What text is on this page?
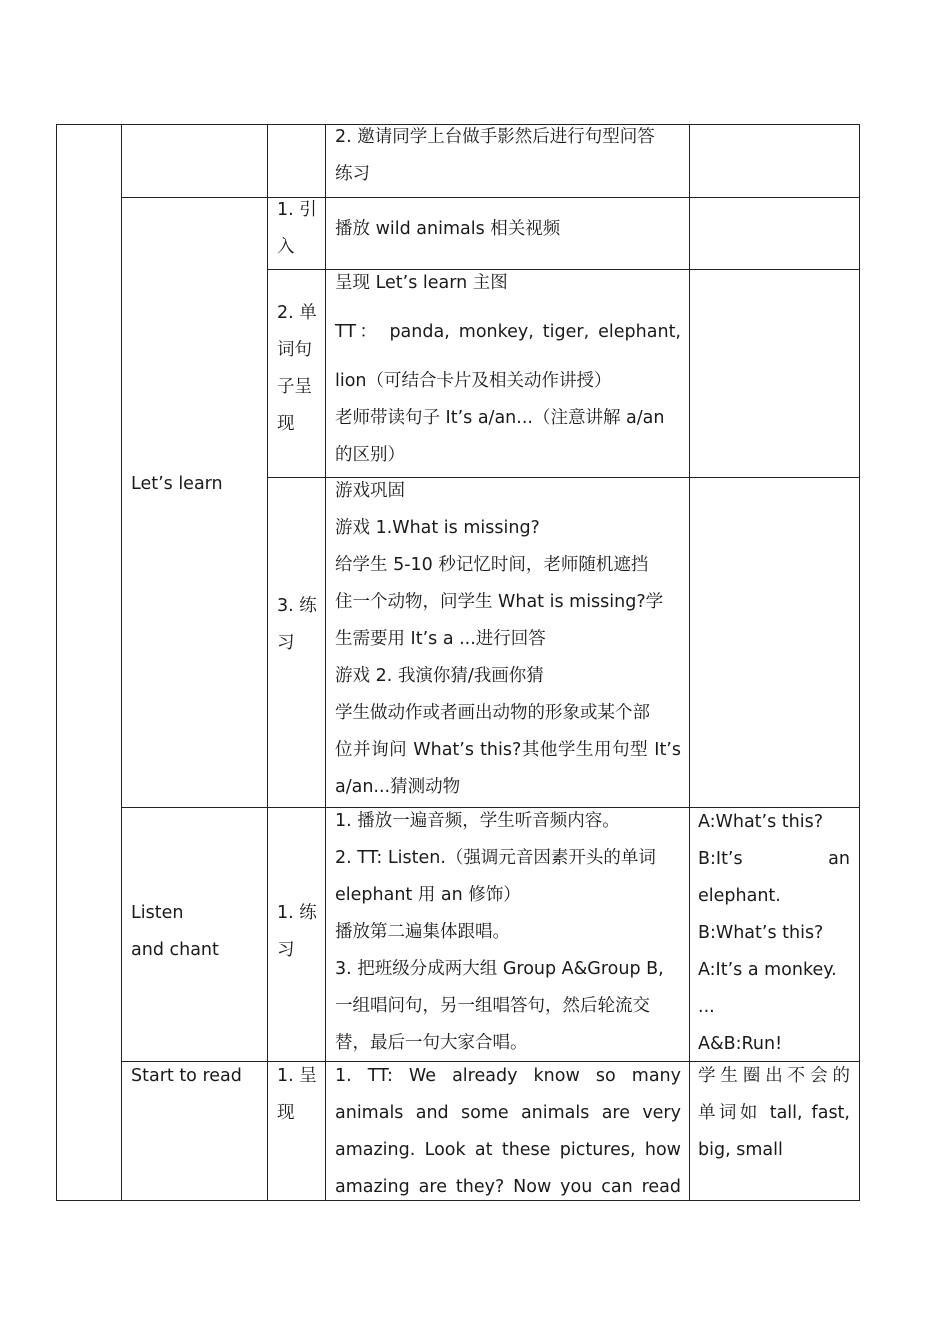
2. 邀请同学上台做手影然后进行句型问答
练习
Let’s learn
1. 引
入
播放 wild animals 相关视频
2. 单
词句
子呈
现
呈现 Let’s learn 主图
TT： panda, monkey, tiger, elephant,
lion（可结合卡片及相关动作讲授）
老师带读句子 It’s a/an...（注意讲解 a/an
的区别）
3. 练
习
游戏巩固
游戏 1.What is missing?
给学生 5-10 秒记忆时间，老师随机遮挡
住一个动物，问学生 What is missing?学
生需要用 It’s a ...进行回答
游戏 2. 我演你猜/我画你猜
学生做动作或者画出动物的形象或某个部
位并询问 What’s this?其他学生用句型 It’s
a/an...猜测动物
Listen
and chant
1. 练
习
1. 播放一遍音频，学生听音频内容。
2. TT: Listen.（强调元音因素开头的单词
elephant 用 an 修饰）
播放第二遍集体跟唱。
3. 把班级分成两大组 Group A&Group B,
一组唱问句，另一组唱答句，然后轮流交
替，最后一句大家合唱。
A:What’s this?
B:It’s an
elephant.
B:What’s this?
A:It’s a monkey.
...
A&B:Run!
Start to read	1. 呈
现
1. TT: We already know so many
animals and some animals are very
amazing. Look at these pictures, how
amazing are they? Now you can read
学生圈出不会的
单词如 tall, fast,
big, small
